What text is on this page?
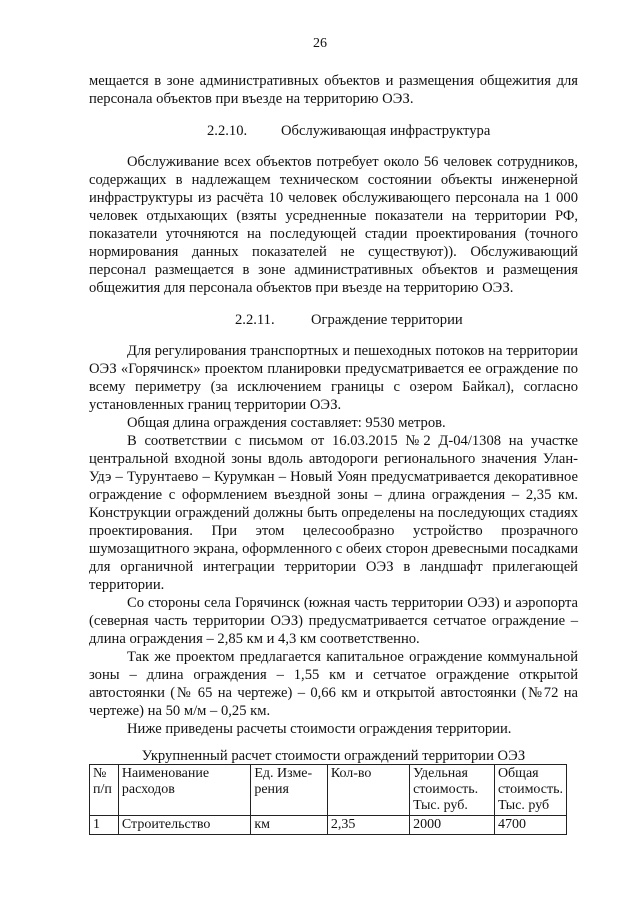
26

мещается в зоне административных объектов и размещения общежития для персонала объектов при въезде на территорию ОЭЗ.

2.2.10. Обслуживающая инфраструктура

Обслуживание всех объектов потребует около 56 человек сотрудников, содержащих в надлежащем техническом состоянии объекты инженерной инфраструктуры из расчёта 10 человек обслуживающего персонала на 1 000 человек отдыхающих (взяты усредненные показатели на территории РФ, показатели уточняются на последующей стадии проектирования (точного нормирования данных показателей не существуют)). Обслуживающий персонал размещается в зоне административных объектов и размещения общежития для персонала объектов при въезде на территорию ОЭЗ.

2.2.11. Ограждение территории

Для регулирования транспортных и пешеходных потоков на территории ОЭЗ «Горячинск» проектом планировки предусматривается ее ограждение по всему периметру (за исключением границы с озером Байкал), согласно установленных границ территории ОЭЗ.

Общая длина ограждения составляет: 9530 метров.

В соответствии с письмом от 16.03.2015 №2 Д-04/1308 на участке центральной входной зоны вдоль автодороги регионального значения Улан-Удэ – Турунтаево – Курумкан – Новый Уоян предусматривается декоративное ограждение с оформлением въездной зоны – длина ограждения – 2,35 км. Конструкции ограждений должны быть определены на последующих стадиях проектирования. При этом целесообразно устройство прозрачного шумозащитного экрана, оформленного с обеих сторон древесными посадками для органичной интеграции территории ОЭЗ в ландшафт прилегающей территории.

Со стороны села Горячинск (южная часть территории ОЭЗ) и аэропорта (северная часть территории ОЭЗ) предусматривается сетчатое ограждение – длина ограждения – 2,85 км и 4,3 км соответственно.

Так же проектом предлагается капитальное ограждение коммунальной зоны – длина ограждения – 1,55 км и сетчатое ограждение открытой автостоянки (№ 65 на чертеже) – 0,66 км и открытой автостоянки (№72 на чертеже) на 50 м/м – 0,25 км.

Ниже приведены расчеты стоимости ограждения территории.

Укрупненный расчет стоимости ограждений территории ОЭЗ
№ п/п	Наименование расходов	Ед. Изме-рения	Кол-во	Удельная стоимость. Тыс. руб.	Общая стоимость. Тыс. руб
1	Строительство	км	2,35	2000	4700
